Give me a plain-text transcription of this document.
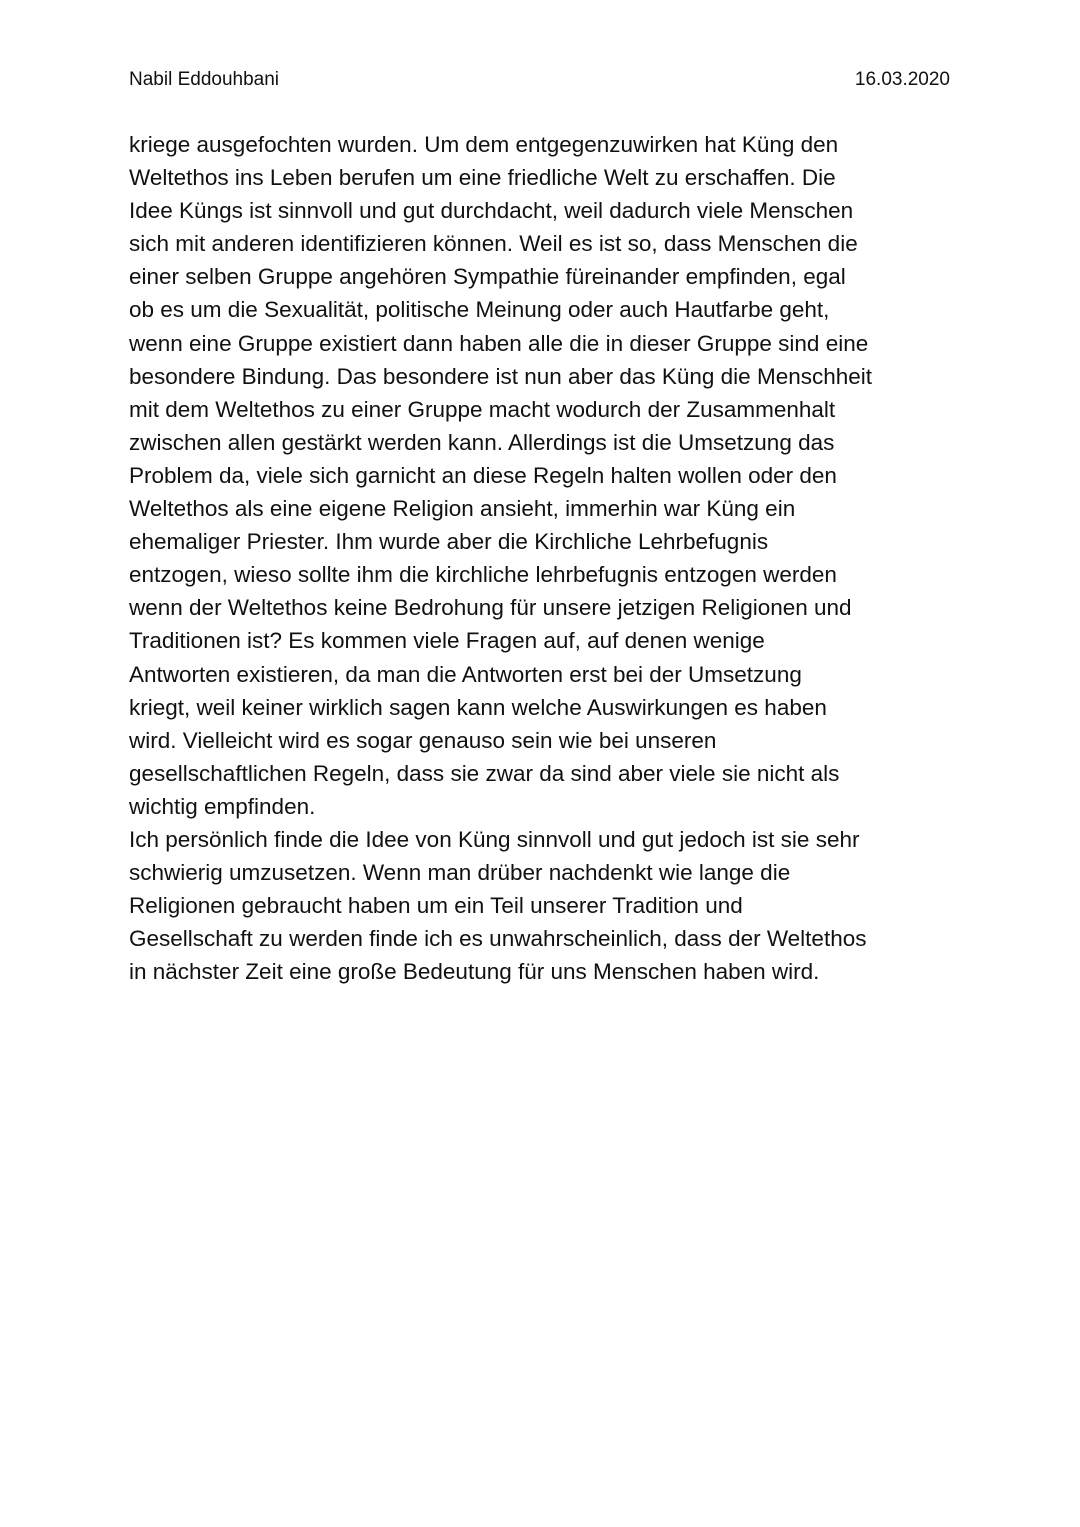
Nabil Eddouhbani	16.03.2020
kriege ausgefochten wurden. Um dem entgegenzuwirken hat Küng den
Weltethos ins Leben berufen um eine friedliche Welt zu erschaffen. Die
Idee Küngs ist sinnvoll und gut durchdacht, weil dadurch viele Menschen
sich mit anderen identifizieren können. Weil es ist so, dass Menschen die
einer selben Gruppe angehören Sympathie füreinander empfinden, egal
ob es um die Sexualität, politische Meinung oder auch Hautfarbe geht,
wenn eine Gruppe existiert dann haben alle die in dieser Gruppe sind eine
besondere Bindung. Das besondere ist nun aber das Küng die Menschheit
mit dem Weltethos zu einer Gruppe macht wodurch der Zusammenhalt
zwischen allen gestärkt werden kann. Allerdings ist die Umsetzung das
Problem da, viele sich garnicht an diese Regeln halten wollen oder den
Weltethos als eine eigene Religion ansieht, immerhin war Küng ein
ehemaliger Priester. Ihm wurde aber die Kirchliche Lehrbefugnis
entzogen, wieso sollte ihm die kirchliche lehrbefugnis entzogen werden
wenn der Weltethos keine Bedrohung für unsere jetzigen Religionen und
Traditionen ist? Es kommen viele Fragen auf, auf denen wenige
Antworten existieren, da man die Antworten erst bei der Umsetzung
kriegt, weil keiner wirklich sagen kann welche Auswirkungen es haben
wird. Vielleicht wird es sogar genauso sein wie bei unseren
gesellschaftlichen Regeln, dass sie zwar da sind aber viele sie nicht als
wichtig empfinden.
Ich persönlich finde die Idee von Küng sinnvoll und gut jedoch ist sie sehr
schwierig umzusetzen. Wenn man drüber nachdenkt wie lange die
Religionen gebraucht haben um ein Teil unserer Tradition und
Gesellschaft zu werden finde ich es unwahrscheinlich, dass der Weltethos
in nächster Zeit eine große Bedeutung für uns Menschen haben wird.
